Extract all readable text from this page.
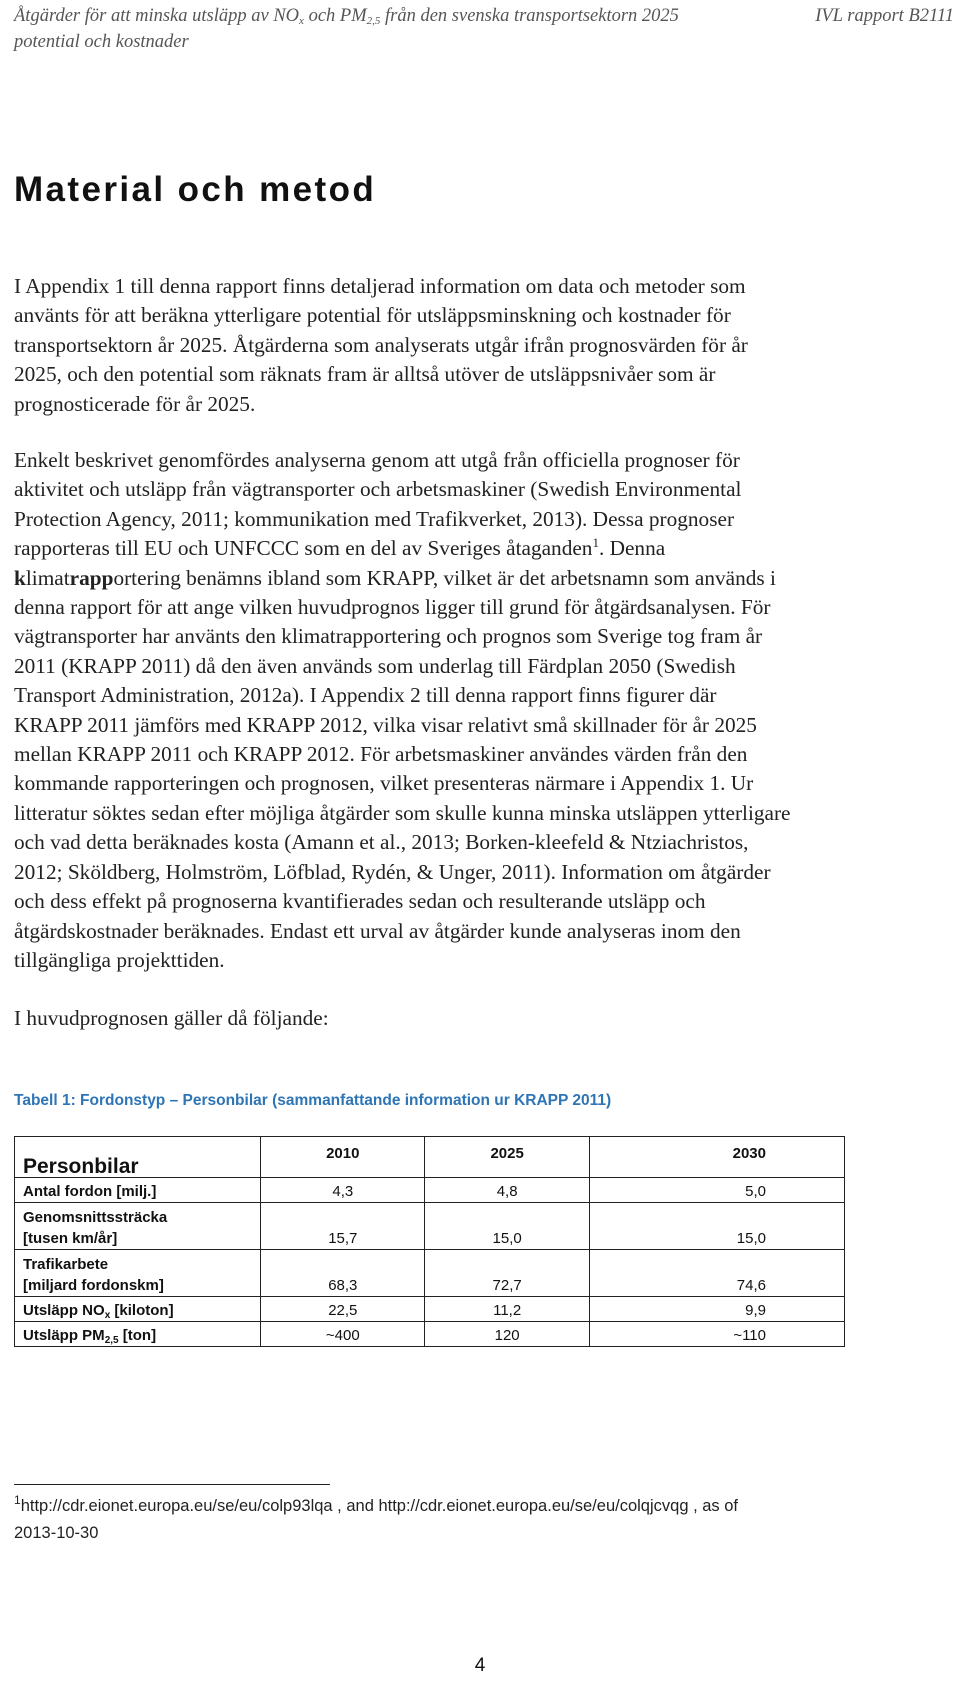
Åtgärder för att minska utsläpp av $NO_x$ och $PM_{2,5}$ från den svenska transportsektorn 2025
potential och kostnader
IVL rapport B2111
Material och metod
I Appendix 1 till denna rapport finns detaljerad information om data och metoder som
använts för att beräkna ytterligare potential för utsläppsminskning och kostnader för
transportsektorn år 2025. Åtgärderna som analyserats utgår ifrån prognosvärden för år
2025, och den potential som räknats fram är alltså utöver de utsläppsnivåer som är
prognosticerade för år 2025.
Enkelt beskrivet genomfördes analyserna genom att utgå från officiella prognoser för
aktivitet och utsläpp från vägtransporter och arbetsmaskiner (Swedish Environmental
Protection Agency, 2011; kommunikation med Trafikverket, 2013). Dessa prognoser
rapporteras till EU och UNFCCC som en del av Sveriges åtaganden$^1$. Denna
klimatrapportering benämns ibland som KRAPP, vilket är det arbetsnamn som används i
denna rapport för att ange vilken huvudprognos ligger till grund för åtgärdsanalysen. För
vägtransporter har använts den klimatrapportering och prognos som Sverige tog fram år
2011 (KRAPP 2011) då den även används som underlag till Färdplan 2050 (Swedish
Transport Administration, 2012a). I Appendix 2 till denna rapport finns figurer där
KRAPP 2011 jämförs med KRAPP 2012, vilka visar relativt små skillnader för år 2025
mellan KRAPP 2011 och KRAPP 2012. För arbetsmaskiner användes värden från den
kommande rapporteringen och prognosen, vilket presenteras närmare i Appendix 1. Ur
litteratur söktes sedan efter möjliga åtgärder som skulle kunna minska utsläppen ytterligare
och vad detta beräknades kosta (Amann et al., 2013; Borken-kleefeld & Ntziachristos,
2012; Sköldberg, Holmström, Löfblad, Rydén, & Unger, 2011). Information om åtgärder
och dess effekt på prognoserna kvantifierades sedan och resulterande utsläpp och
åtgärdskostnader beräknades. Endast ett urval av åtgärder kunde analyseras inom den
tillgängliga projekttiden.
I huvudprognosen gäller då följande:

Tabell 1: Fordonstyp – Personbilar (sammanfattande information ur KRAPP 2011)

Personbilar	2010	2025	2030
Antal fordon [milj.]	4,3	4,8	5,0
Genomsnittssträcka
[tusen km/år]	15,7	15,0	15,0
Trafikarbete
[miljard fordonskm]	68,3	72,7	74,6
Utsläpp $NO_x$ [kiloton]	22,5	11,2	9,9
Utsläpp $PM_{2,5}$ [ton]	~400	120	~110
$^1$http://cdr.eionet.europa.eu/se/eu/colp93lqa , and http://cdr.eionet.europa.eu/se/eu/colqjcvqg , as of
2013-10-30
4
